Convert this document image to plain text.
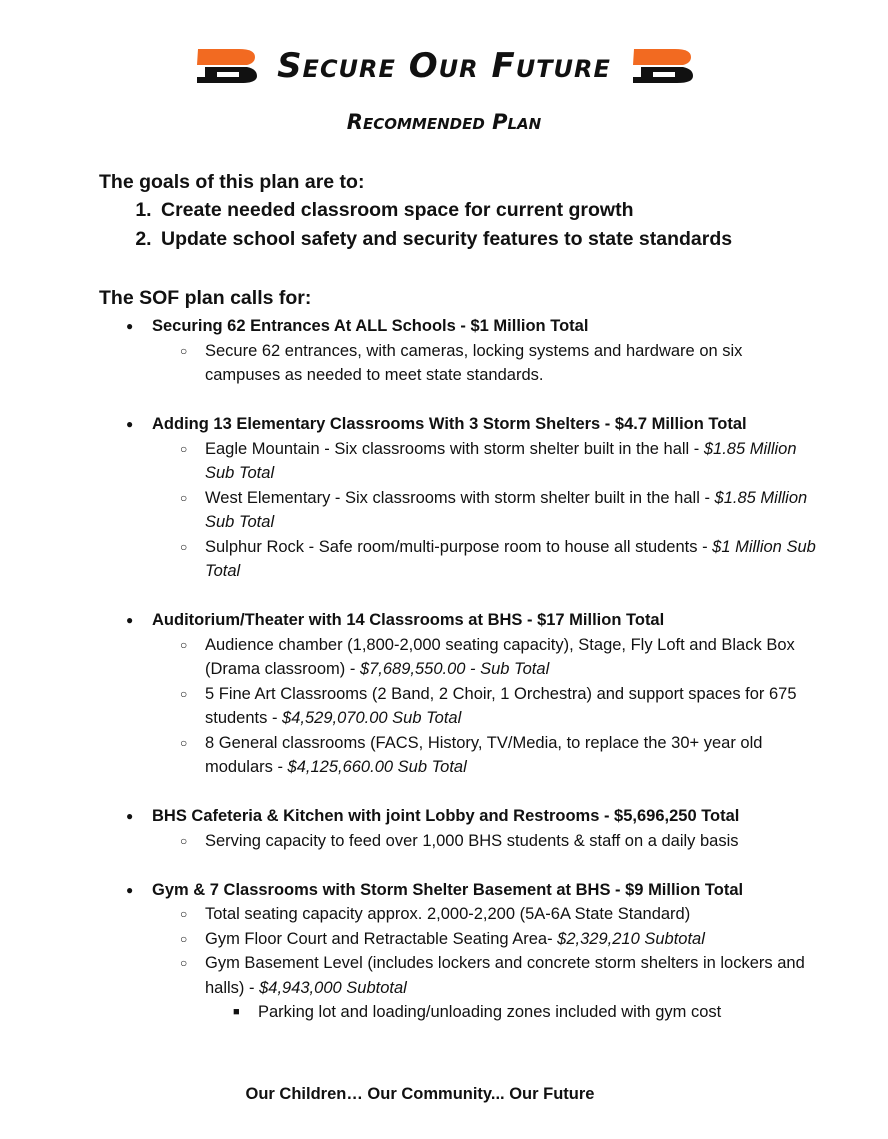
Secure Our Future
Recommended Plan

The goals of this plan are to:

1. Create needed classroom space for current growth
2. Update school safety and security features to state standards

The SOF plan calls for:

● Securing 62 Entrances At ALL Schools - $1 Million Total
○ Secure 62 entrances, with cameras, locking systems and hardware on six campuses as needed to meet state standards.
● Adding 13 Elementary Classrooms With 3 Storm Shelters - $4.7 Million Total
○ Eagle Mountain - Six classrooms with storm shelter built in the hall - $1.85 Million Sub Total
○ West Elementary - Six classrooms with storm shelter built in the hall - $1.85 Million Sub Total
○ Sulphur Rock - Safe room/multi-purpose room to house all students - $1 Million Sub Total
● Auditorium/Theater with 14 Classrooms at BHS - $17 Million Total
○ Audience chamber (1,800-2,000 seating capacity), Stage, Fly Loft and Black Box (Drama classroom) - $7,689,550.00 - Sub Total
○ 5 Fine Art Classrooms (2 Band, 2 Choir, 1 Orchestra) and support spaces for 675 students - $4,529,070.00 Sub Total
○ 8 General classrooms (FACS, History, TV/Media, to replace the 30+ year old modulars - $4,125,660.00 Sub Total
● BHS Cafeteria & Kitchen with joint Lobby and Restrooms - $5,696,250 Total
○ Serving capacity to feed over 1,000 BHS students & staff on a daily basis
● Gym & 7 Classrooms with Storm Shelter Basement at BHS - $9 Million Total
○ Total seating capacity approx. 2,000-2,200 (5A-6A State Standard)
○ Gym Floor Court and Retractable Seating Area- $2,329,210 Subtotal
○ Gym Basement Level (includes lockers and concrete storm shelters in lockers and halls) - $4,943,000 Subtotal
■ Parking lot and loading/unloading zones included with gym cost
Our Children… Our Community... Our Future
